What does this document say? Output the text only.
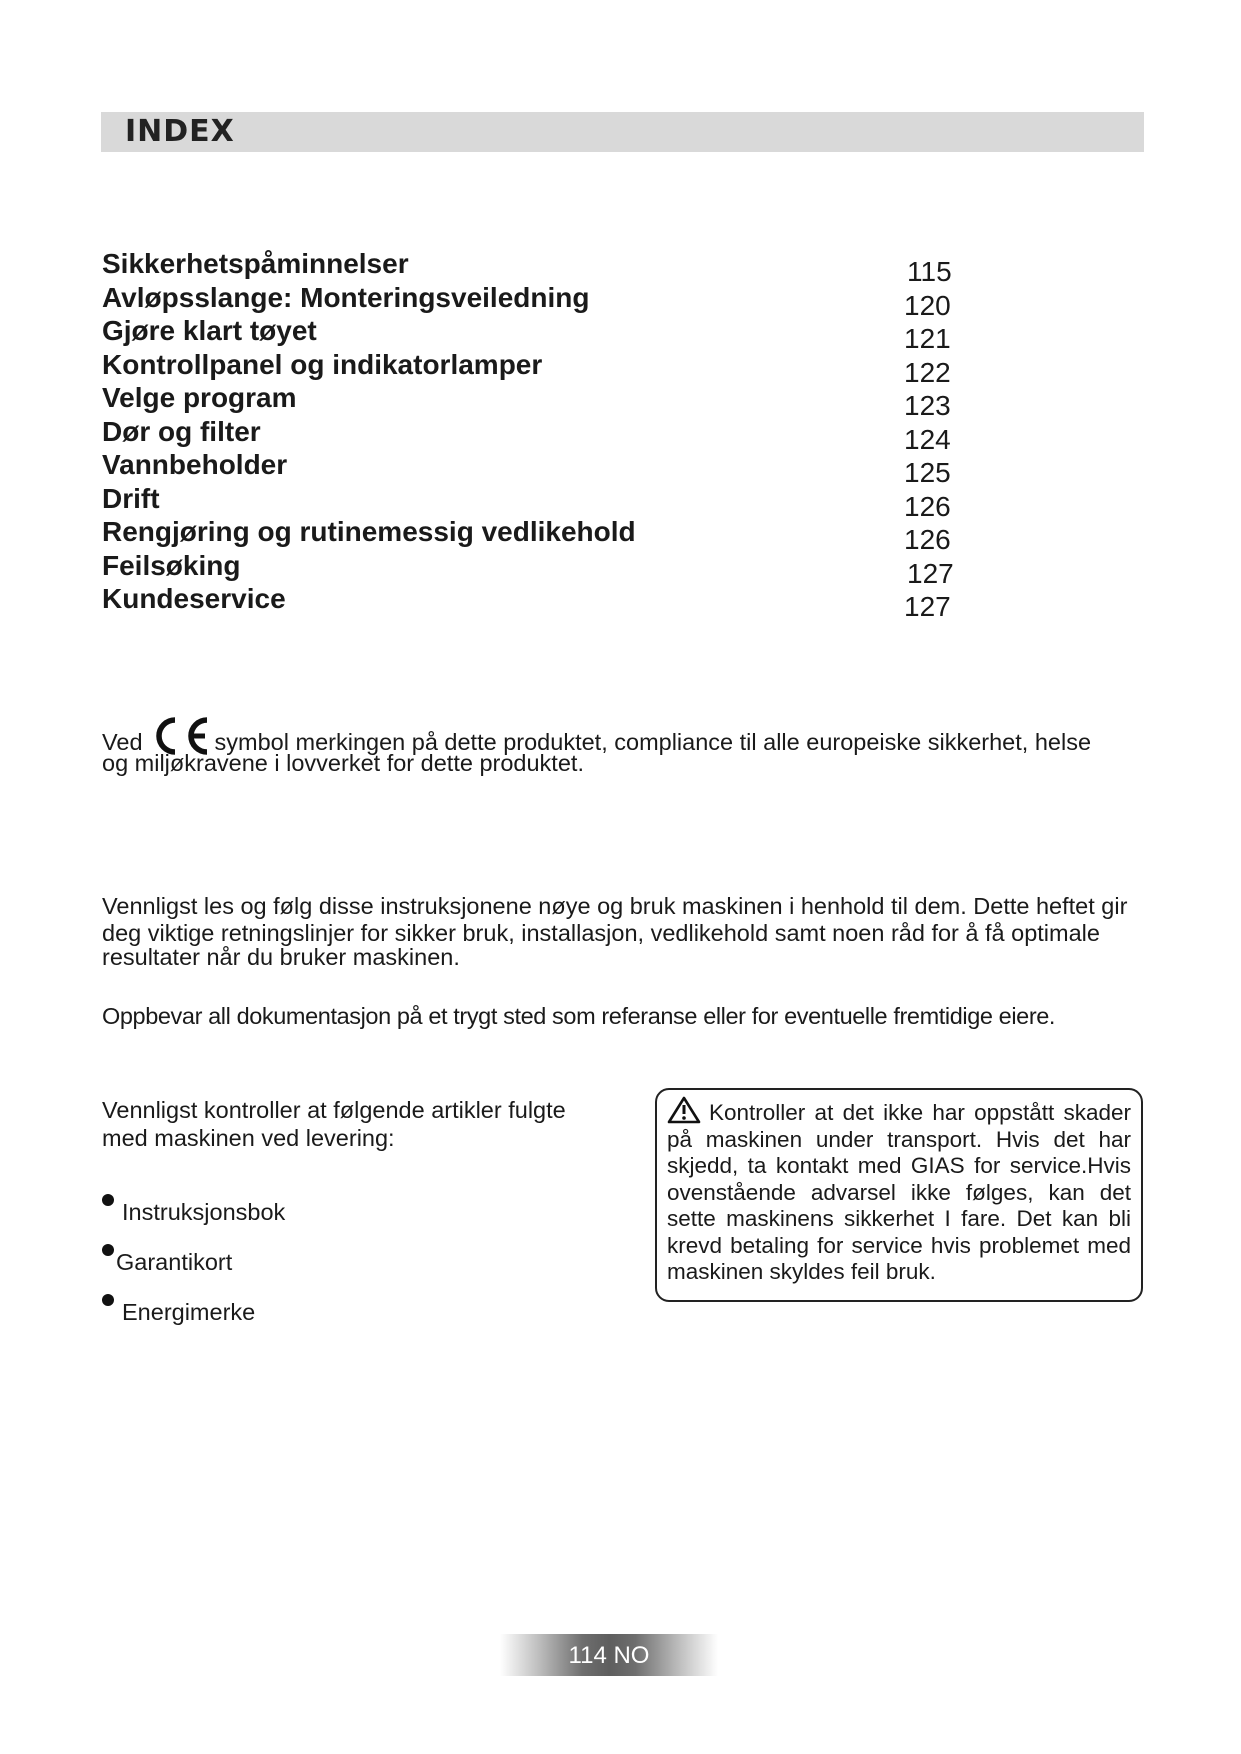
INDEX
Sikkerhetspåminnelser	115
Avløpsslange: Monteringsveiledning	120
Gjøre klart tøyet	121
Kontrollpanel og indikatorlamper	122
Velge program	123
Dør og filter	124
Vannbeholder	125
Drift	126
Rengjøring og rutinemessig vedlikehold	126
Feilsøking	127
Kundeservice	127
Ved	symbol merkingen på dette produktet, compliance til alle europeiske sikkerhet, helse
og miljøkravene i lovverket for dette produktet.
Vennligst les og følg disse instruksjonene nøye og bruk maskinen i henhold til dem. Dette heftet gir
deg viktige retningslinjer for sikker bruk, installasjon, vedlikehold samt noen råd for å få optimale
resultater når du bruker maskinen.
Oppbevar all dokumentasjon på et trygt sted som referanse eller for eventuelle fremtidige eiere.
Vennligst kontroller at følgende artikler fulgte
med maskinen ved levering:
Instruksjonsbok
Garantikort
Energimerke
Kontroller at det ikke har oppstått skader på maskinen under transport. Hvis det har skjedd, ta kontakt med GIAS for service.Hvis ovenstående advarsel ikke følges, kan det sette maskinens sikkerhet I fare. Det kan bli krevd betaling for service hvis problemet med maskinen skyldes feil bruk.
114 NO
